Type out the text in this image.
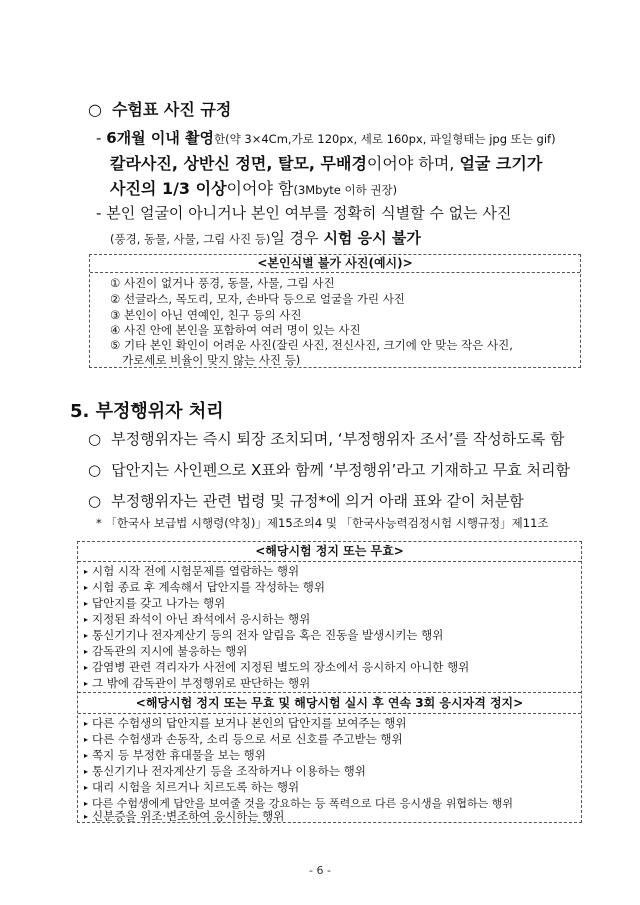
○ 수험표 사진 규정
- 6개월 이내 촬영한(약 3×4Cm,가로 120px, 세로 160px, 파일형태는 jpg 또는 gif)
칼라사진, 상반신 정면, 탈모, 무배경이어야 하며, 얼굴 크기가
사진의 1/3 이상이어야 함(3Mbyte 이하 권장)
- 본인 얼굴이 아니거나 본인 여부를 정확히 식별할 수 없는 사진
(풍경, 동물, 사물, 그림 사진 등)일 경우 시험 응시 불가
<본인식별 불가 사진(예시)>
① 사진이 없거나 풍경, 동물, 사물, 그림 사진
② 선글라스, 목도리, 모자, 손바닥 등으로 얼굴을 가린 사진
③ 본인이 아닌 연예인, 친구 등의 사진
④ 사진 안에 본인을 포함하여 여러 명이 있는 사진
⑤ 기타 본인 확인이 어려운 사진(잘린 사진, 전신사진, 크기에 안 맞는 작은 사진,
가로세로 비율이 맞지 않는 사진 등)
5. 부정행위자 처리
○ 부정행위자는 즉시 퇴장 조치되며, ‘부정행위자 조서’를 작성하도록 함
○ 답안지는 사인펜으로 X표와 함께 ‘부정행위’라고 기재하고 무효 처리함
○ 부정행위자는 관련 법령 및 규정*에 의거 아래 표와 같이 처분함
* 「한국사 보급법 시행령(약칭)」제15조의4 및 「한국사능력검정시험 시행규정」제11조
<해당시험 정지 또는 무효>
▸ 시험 시작 전에 시험문제를 열람하는 행위
▸ 시험 종료 후 계속해서 답안지를 작성하는 행위
▸ 답안지를 갖고 나가는 행위
▸ 지정된 좌석이 아닌 좌석에서 응시하는 행위
▸ 통신기기나 전자계산기 등의 전자 알림음 혹은 진동을 발생시키는 행위
▸ 감독관의 지시에 불응하는 행위
▸ 감염병 관련 격리자가 사전에 지정된 별도의 장소에서 응시하지 아니한 행위
▸ 그 밖에 감독관이 부정행위로 판단하는 행위
<해당시험 정지 또는 무효 및 해당시험 실시 후 연속 3회 응시자격 정지>
▸ 다른 수험생의 답안지를 보거나 본인의 답안지를 보여주는 행위
▸ 다른 수험생과 손동작, 소리 등으로 서로 신호를 주고받는 행위
▸ 쪽지 등 부정한 휴대물을 보는 행위
▸ 통신기기나 전자계산기 등을 조작하거나 이용하는 행위
▸ 대리 시험을 치르거나 치르도록 하는 행위
▸ 다른 수험생에게 답안을 보여줄 것을 강요하는 등 폭력으로 다른 응시생을 위협하는 행위
▸ 신분증을 위조·변조하여 응시하는 행위
- 6 -
